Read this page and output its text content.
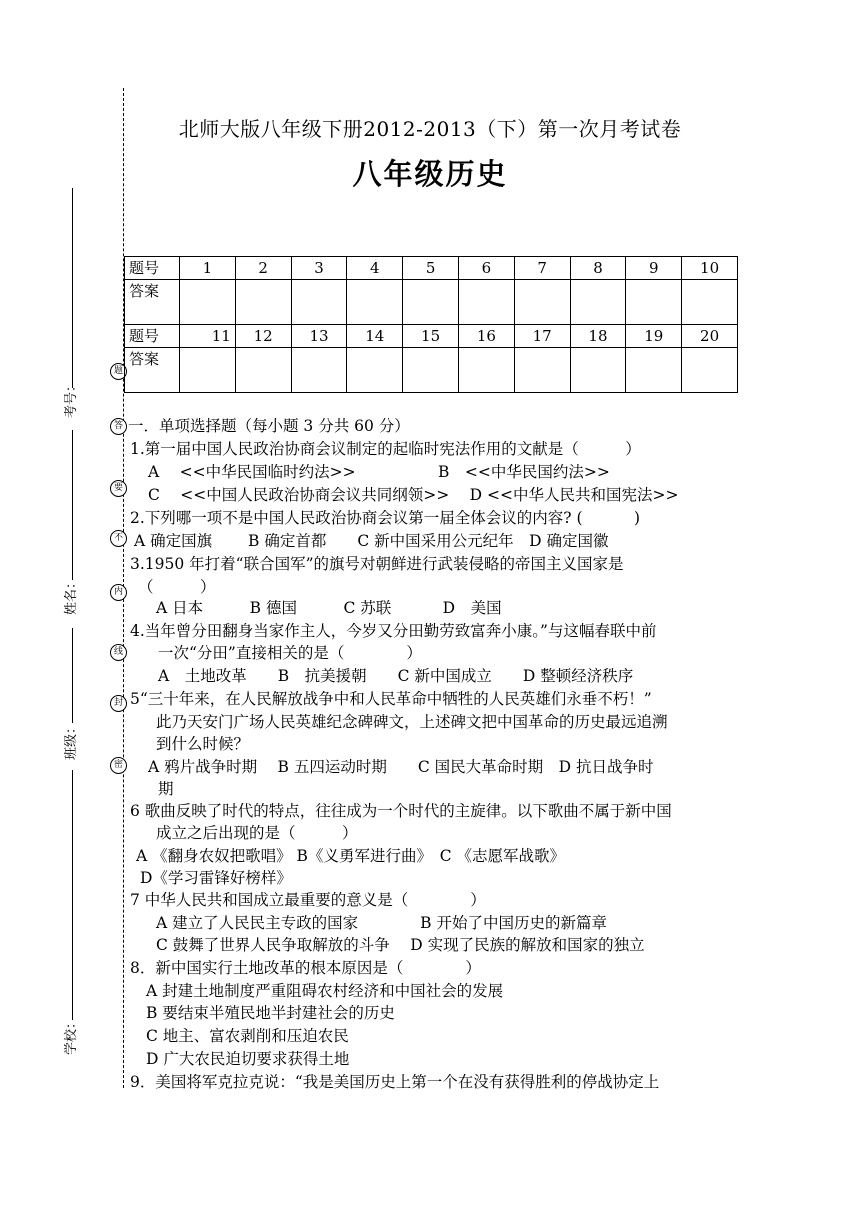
考号：
姓名：
班级：
学校：
题
答
要
不
内
线
封
密
北师大版八年级下册2012-2013（下）第一次月考试卷
八年级历史
题号	1	2	3	4	5	6	7	8	9	10
答案										
题号	11	12	13	14	15	16	17	18	19	20
答案										
一．单项选择题（每小题 3 分共 60 分）
1.第一届中国人民政治协商会议制定的起临时宪法作用的文献是（　　　）
A　 <<中华民国临时约法>>　　　　　 B　<<中华民国约法>>
C　 <<中国人民政治协商会议共同纲领>>　 D <<中华人民共和国宪法>>
2.下列哪一项不是中国人民政治协商会议第一届全体会议的内容? (　　　 )
A 确定国旗　　 B 确定首都　　C 新中国采用公元纪年　D 确定国徽
3.1950 年打着“联合国军”的旗号对朝鲜进行武装侵略的帝国主义国家是
（　　　）
A 日本　　　B 德国　　　C 苏联　　　 D　美国
4.当年曾分田翻身当家作主人，今岁又分田勤劳致富奔小康。”与这幅春联中前
一次“分田”直接相关的是（　　　　）
A　土地改革　　B　抗美援朝　　C 新中国成立　　D 整顿经济秩序
5“三十年来，在人民解放战争中和人民革命中牺牲的人民英雄们永垂不朽！”
此乃天安门广场人民英雄纪念碑碑文，上述碑文把中国革命的历史最远追溯
到什么时候？
A 鸦片战争时期　 B 五四运动时期　　C 国民大革命时期　D 抗日战争时
期
6 歌曲反映了时代的特点，往往成为一个时代的主旋律。以下歌曲不属于新中国
成立之后出现的是（　　　）
A 《翻身农奴把歌唱》 B《义勇军进行曲》　C 《志愿军战歌》
D《学习雷锋好榜样》
7 中华人民共和国成立最重要的意义是（　　　　）
A 建立了人民民主专政的国家　　　　B 开始了中国历史的新篇章
C 鼓舞了世界人民争取解放的斗争　 D 实现了民族的解放和国家的独立
8．新中国实行土地改革的根本原因是（　　　　）
A 封建土地制度严重阻碍农村经济和中国社会的发展
B 要结束半殖民地半封建社会的历史
C 地主、富农剥削和压迫农民
D 广大农民迫切要求获得土地
9．美国将军克拉克说：“我是美国历史上第一个在没有获得胜利的停战协定上
